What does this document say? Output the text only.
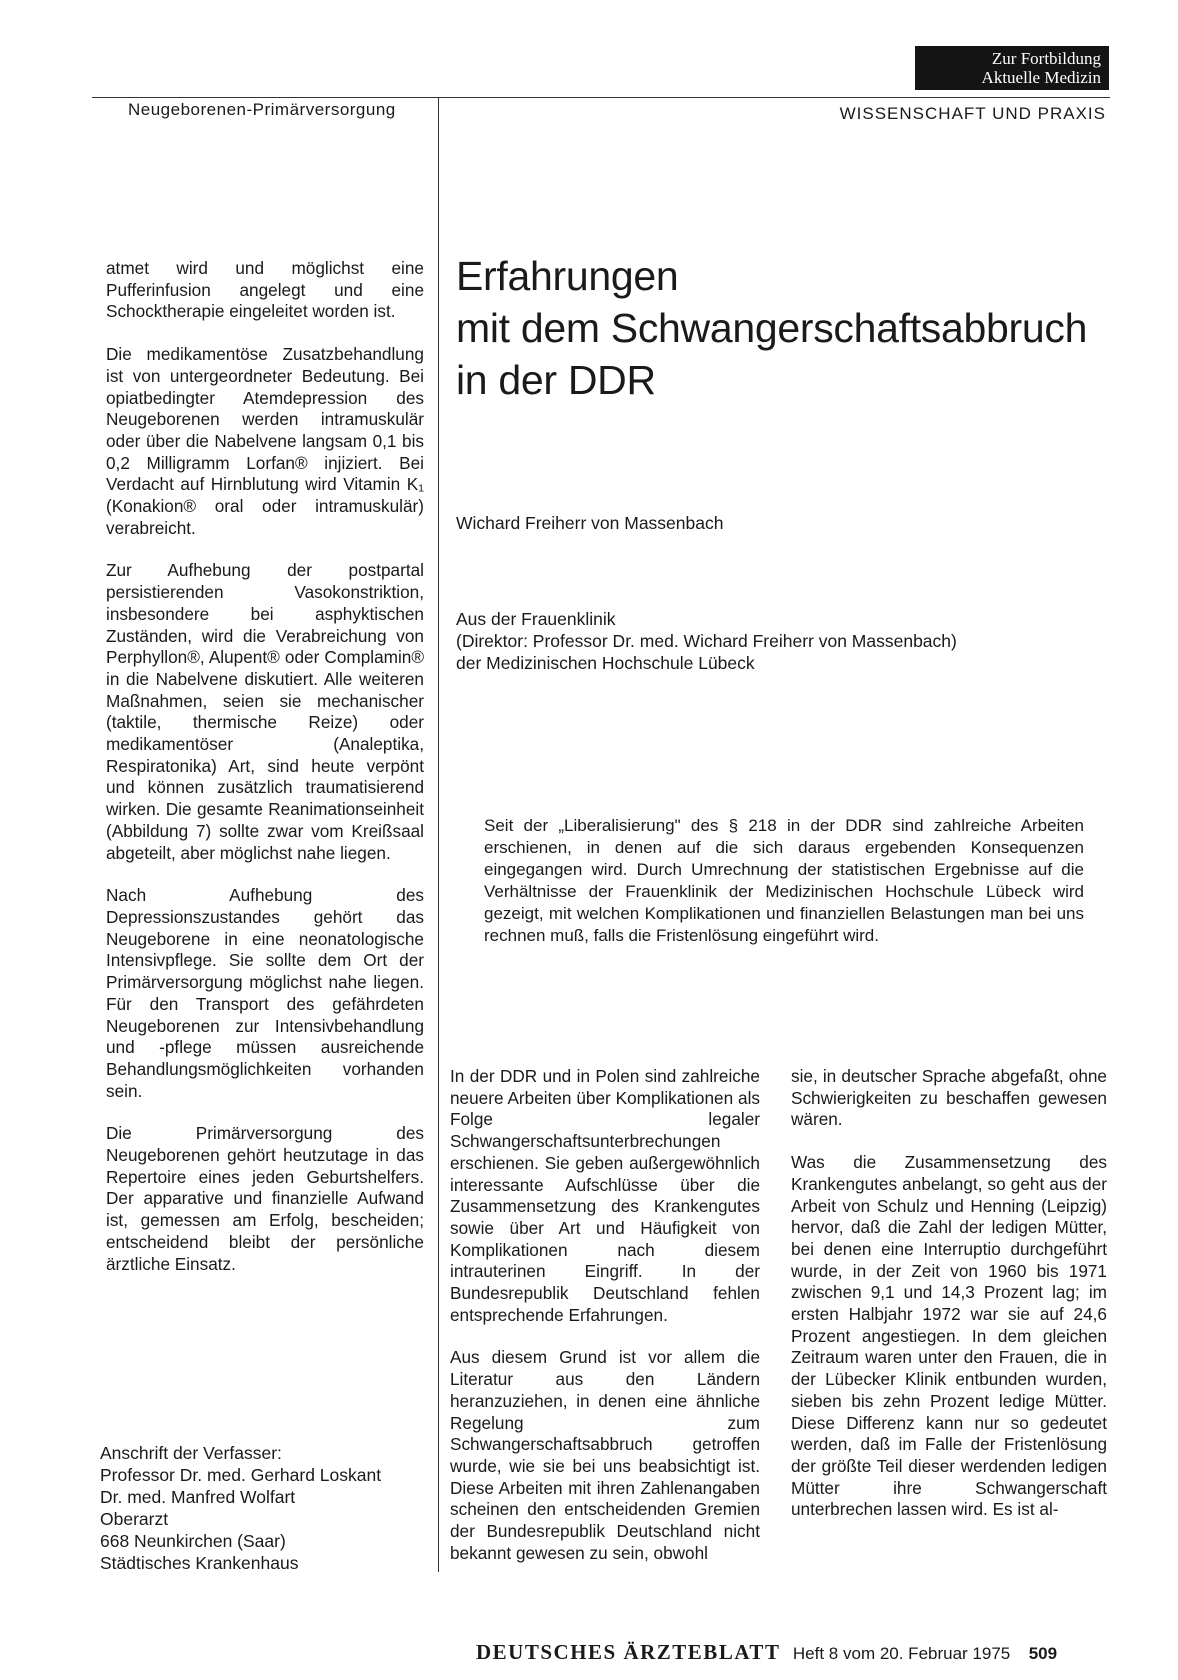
Zur Fortbildung
Aktuelle Medizin
Neugeborenen-Primärversorgung	WISSENSCHAFT UND PRAXIS

atmet wird und möglichst eine Pufferinfusion angelegt und eine Schocktherapie eingeleitet worden ist.

Die medikamentöse Zusatzbehandlung ist von untergeordneter Bedeutung. Bei opiatbedingter Atemdepression des Neugeborenen werden intramuskulär oder über die Nabelvene langsam 0,1 bis 0,2 Milligramm Lorfan® injiziert. Bei Verdacht auf Hirnblutung wird Vitamin K₁ (Konakion® oral oder intramuskulär) verabreicht.

Zur Aufhebung der postpartal persistierenden Vasokonstriktion, insbesondere bei asphyktischen Zuständen, wird die Verabreichung von Perphyllon®, Alupent® oder Complamin® in die Nabelvene diskutiert. Alle weiteren Maßnahmen, seien sie mechanischer (taktile, thermische Reize) oder medikamentöser (Analeptika, Respiratonika) Art, sind heute verpönt und können zusätzlich traumatisierend wirken. Die gesamte Reanimationseinheit (Abbildung 7) sollte zwar vom Kreißsaal abgeteilt, aber möglichst nahe liegen.

Nach Aufhebung des Depressionszustandes gehört das Neugeborene in eine neonatologische Intensivpflege. Sie sollte dem Ort der Primärversorgung möglichst nahe liegen. Für den Transport des gefährdeten Neugeborenen zur Intensivbehandlung und -pflege müssen ausreichende Behandlungsmöglichkeiten vorhanden sein.

Die Primärversorgung des Neugeborenen gehört heutzutage in das Repertoire eines jeden Geburtshelfers. Der apparative und finanzielle Aufwand ist, gemessen am Erfolg, bescheiden; entscheidend bleibt der persönliche ärztliche Einsatz.

Anschrift der Verfasser:
Professor Dr. med. Gerhard Loskant
Dr. med. Manfred Wolfart
Oberarzt
668 Neunkirchen (Saar)
Städtisches Krankenhaus
Erfahrungen
mit dem Schwangerschaftsabbruch
in der DDR
Wichard Freiherr von Massenbach
Aus der Frauenklinik
(Direktor: Professor Dr. med. Wichard Freiherr von Massenbach)
der Medizinischen Hochschule Lübeck
Seit der „Liberalisierung" des § 218 in der DDR sind zahlreiche Arbeiten erschienen, in denen auf die sich daraus ergebenden Konsequenzen eingegangen wird. Durch Umrechnung der statistischen Ergebnisse auf die Verhältnisse der Frauenklinik der Medizinischen Hochschule Lübeck wird gezeigt, mit welchen Komplikationen und finanziellen Belastungen man bei uns rechnen muß, falls die Fristenlösung eingeführt wird.

In der DDR und in Polen sind zahlreiche neuere Arbeiten über Komplikationen als Folge legaler Schwangerschaftsunterbrechungen erschienen. Sie geben außergewöhnlich interessante Aufschlüsse über die Zusammensetzung des Krankengutes sowie über Art und Häufigkeit von Komplikationen nach diesem intrauterinen Eingriff. In der Bundesrepublik Deutschland fehlen entsprechende Erfahrungen.

Aus diesem Grund ist vor allem die Literatur aus den Ländern heranzuziehen, in denen eine ähnliche Regelung zum Schwangerschaftsabbruch getroffen wurde, wie sie bei uns beabsichtigt ist. Diese Arbeiten mit ihren Zahlenangaben scheinen den entscheidenden Gremien der Bundesrepublik Deutschland nicht bekannt gewesen zu sein, obwohl

sie, in deutscher Sprache abgefaßt, ohne Schwierigkeiten zu beschaffen gewesen wären.

Was die Zusammensetzung des Krankengutes anbelangt, so geht aus der Arbeit von Schulz und Henning (Leipzig) hervor, daß die Zahl der ledigen Mütter, bei denen eine Interruptio durchgeführt wurde, in der Zeit von 1960 bis 1971 zwischen 9,1 und 14,3 Prozent lag; im ersten Halbjahr 1972 war sie auf 24,6 Prozent angestiegen. In dem gleichen Zeitraum waren unter den Frauen, die in der Lübecker Klinik entbunden wurden, sieben bis zehn Prozent ledige Mütter. Diese Differenz kann nur so gedeutet werden, daß im Falle der Fristenlösung der größte Teil dieser werdenden ledigen Mütter ihre Schwangerschaft unterbrechen lassen wird. Es ist al-

DEUTSCHES ÄRZTEBLATT Heft 8 vom 20. Februar 1975 509
